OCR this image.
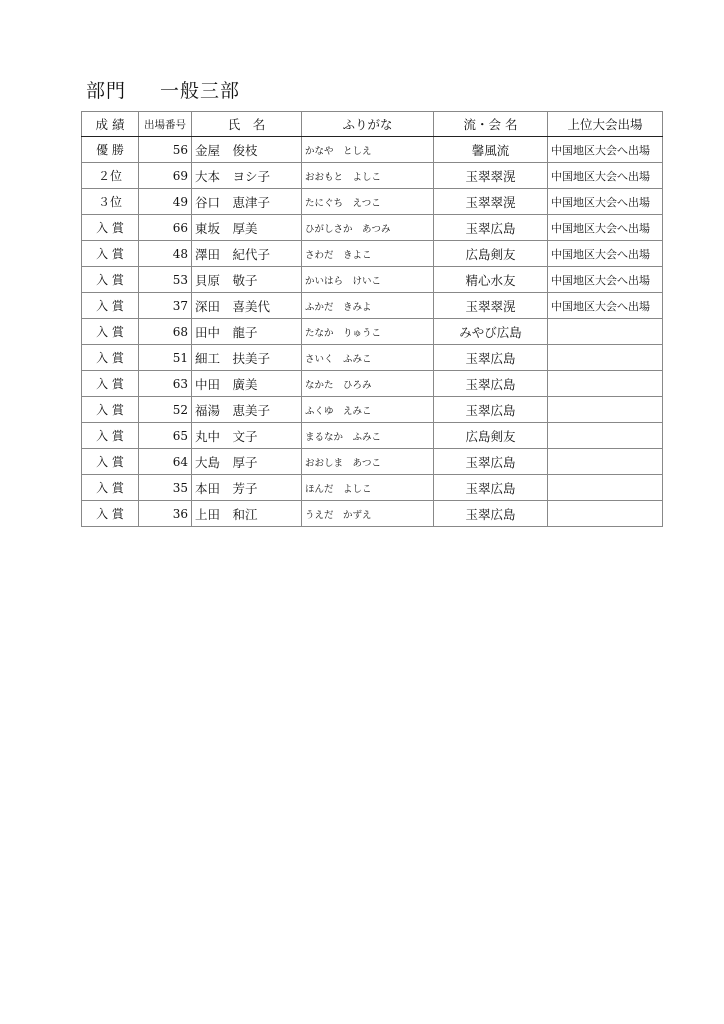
部門 一般三部
成 績	出場番号	氏　名	ふりがな	流・会 名	上位大会出場
優 勝	56	金屋　俊枝	かなや　としえ	馨風流	中国地区大会へ出場
２位	69	大本　ヨシ子	おおもと　よしこ	玉翠翠滉	中国地区大会へ出場
３位	49	谷口　恵津子	たにぐち　えつこ	玉翠翠滉	中国地区大会へ出場
入 賞	66	東坂　厚美	ひがしさか　あつみ	玉翠広島	中国地区大会へ出場
入 賞	48	澤田　紀代子	さわだ　きよこ	広島剣友	中国地区大会へ出場
入 賞	53	貝原　敬子	かいはら　けいこ	精心水友	中国地区大会へ出場
入 賞	37	深田　喜美代	ふかだ　きみよ	玉翠翠滉	中国地区大会へ出場
入 賞	68	田中　龍子	たなか　りゅうこ	みやび広島	
入 賞	51	細工　扶美子	さいく　ふみこ	玉翠広島	
入 賞	63	中田　廣美	なかた　ひろみ	玉翠広島	
入 賞	52	福湯　恵美子	ふくゆ　えみこ	玉翠広島	
入 賞	65	丸中　文子	まるなか　ふみこ	広島剣友	
入 賞	64	大島　厚子	おおしま　あつこ	玉翠広島	
入 賞	35	本田　芳子	ほんだ　よしこ	玉翠広島	
入 賞	36	上田　和江	うえだ　かずえ	玉翠広島	
